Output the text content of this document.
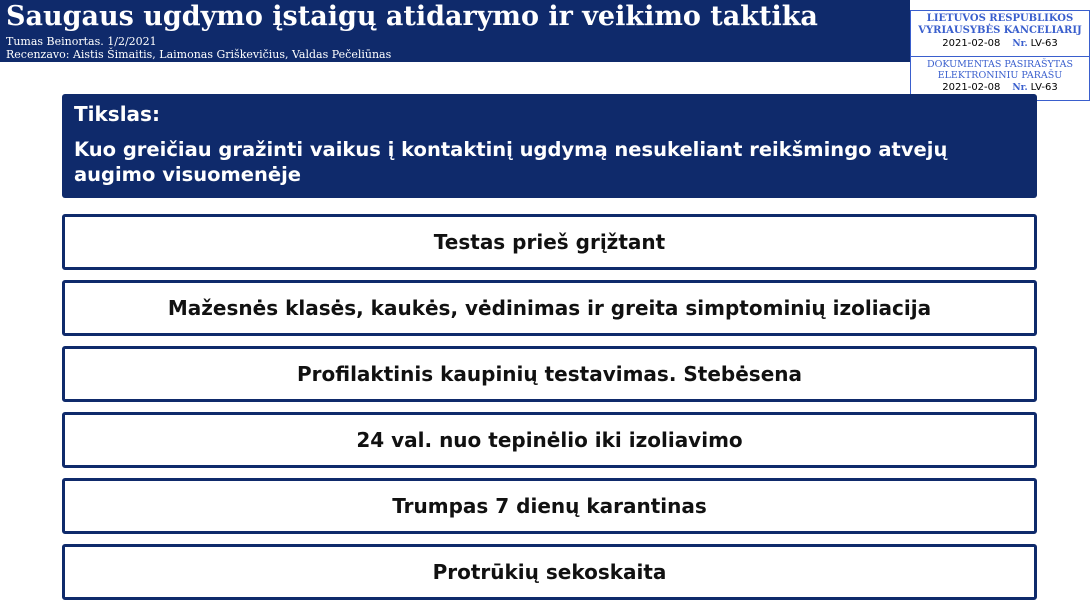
Saugaus ugdymo įstaigų atidarymo ir veikimo taktika
Tumas Beinortas. 1/2/2021
Recenzavo: Aistis Šimaitis, Laimonas Griškevičius, Valdas Pečeliūnas
LIETUVOS RESPUBLIKOS
VYRIAUSYBĖS KANCELIARIJ
2021-02-08 Nr. LV-63
DOKUMENTAS PASIRAŠYTAS
ELEKTRONINIU PARAŠU
2021-02-08 Nr. LV-63
Tikslas:
Kuo greičiau gražinti vaikus į kontaktinį ugdymą nesukeliant reikšmingo atvejų augimo visuomenėje
Testas prieš grįžtant
Mažesnės klasės, kaukės, vėdinimas ir greita simptominių izoliacija
Profilaktinis kaupinių testavimas. Stebėsena
24 val. nuo tepinėlio iki izoliavimo
Trumpas 7 dienų karantinas
Protrūkių sekoskaita
